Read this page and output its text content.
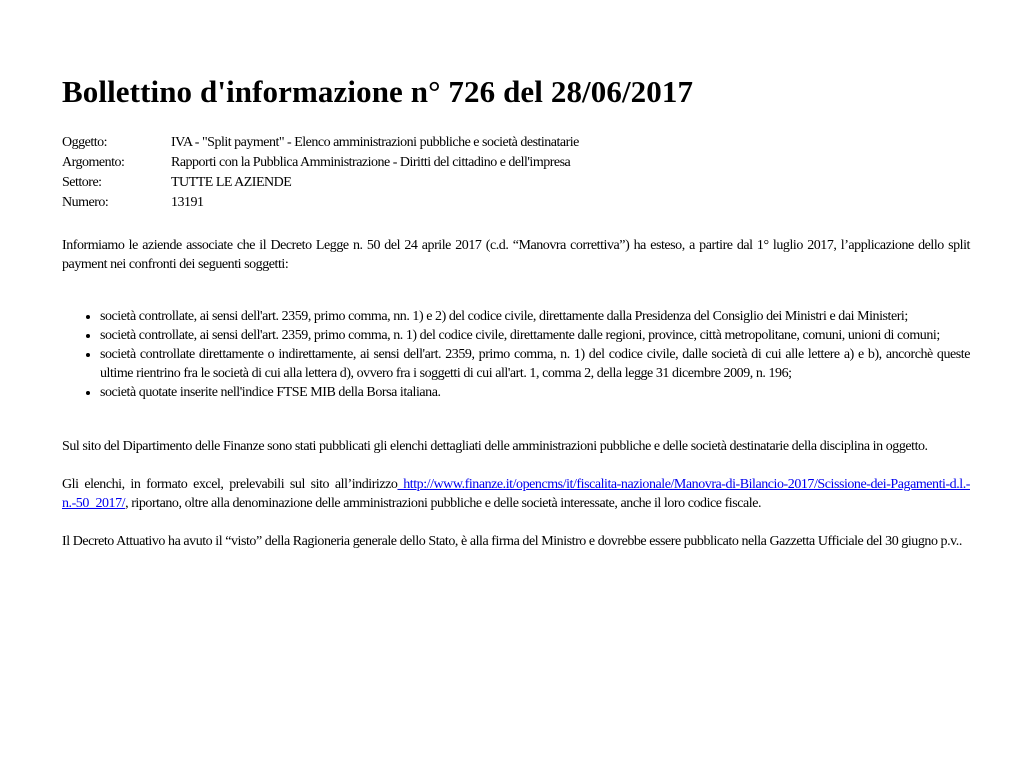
Bollettino d'informazione n° 726 del 28/06/2017
Oggetto:	IVA - "Split payment" - Elenco amministrazioni pubbliche e società destinatarie
Argomento:	Rapporti con la Pubblica Amministrazione - Diritti del cittadino e dell'impresa
Settore:	TUTTE LE AZIENDE
Numero:	13191

Informiamo le aziende associate che il Decreto Legge n. 50 del 24 aprile 2017 (c.d. “Manovra correttiva”) ha esteso, a partire dal 1° luglio 2017, l’applicazione dello split payment nei confronti dei seguenti soggetti:

• società controllate, ai sensi dell'art. 2359, primo comma, nn. 1) e 2) del codice civile, direttamente dalla Presidenza del Consiglio dei Ministri e dai Ministeri;
• società controllate, ai sensi dell'art. 2359, primo comma, n. 1) del codice civile, direttamente dalle regioni, province, città metropolitane, comuni, unioni di comuni;
• società controllate direttamente o indirettamente, ai sensi dell'art. 2359, primo comma, n. 1) del codice civile, dalle società di cui alle lettere a) e b), ancorchè queste ultime rientrino fra le società di cui alla lettera d), ovvero fra i soggetti di cui all'art. 1, comma 2, della legge 31 dicembre 2009, n. 196;
• società quotate inserite nell'indice FTSE MIB della Borsa italiana.

Sul sito del Dipartimento delle Finanze sono stati pubblicati gli elenchi dettagliati delle amministrazioni pubbliche e delle società destinatarie della disciplina in oggetto.

Gli elenchi, in formato excel, prelevabili sul sito all’indirizzo http://www.finanze.it/opencms/it/fiscalita-nazionale/Manovra-di-Bilancio-2017/Scissione-dei-Pagamenti-d.l.-n.-50_2017/, riportano, oltre alla denominazione delle amministrazioni pubbliche e delle società interessate, anche il loro codice fiscale.

Il Decreto Attuativo ha avuto il “visto” della Ragioneria generale dello Stato, è alla firma del Ministro e dovrebbe essere pubblicato nella Gazzetta Ufficiale del 30 giugno p.v..
